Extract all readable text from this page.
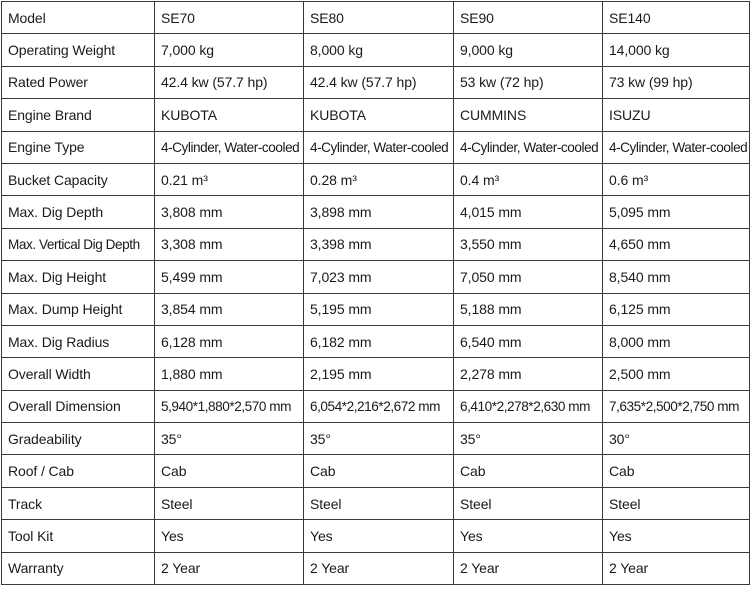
Model	SE70	SE80	SE90	SE140
Operating Weight	7,000 kg	8,000 kg	9,000 kg	14,000 kg
Rated Power	42.4 kw (57.7 hp)	42.4 kw (57.7 hp)	53 kw (72 hp)	73 kw (99 hp)
Engine Brand	KUBOTA	KUBOTA	CUMMINS	ISUZU
Engine Type	4-Cylinder, Water-cooled	4-Cylinder, Water-cooled	4-Cylinder, Water-cooled	4-Cylinder, Water-cooled
Bucket Capacity	0.21 m³	0.28 m³	0.4 m³	0.6 m³
Max. Dig Depth	3,808 mm	3,898 mm	4,015 mm	5,095 mm
Max. Vertical Dig Depth	3,308 mm	3,398 mm	3,550 mm	4,650 mm
Max. Dig Height	5,499 mm	7,023 mm	7,050 mm	8,540 mm
Max. Dump Height	3,854 mm	5,195 mm	5,188 mm	6,125 mm
Max. Dig Radius	6,128 mm	6,182 mm	6,540 mm	8,000 mm
Overall Width	1,880 mm	2,195 mm	2,278 mm	2,500 mm
Overall Dimension	5,940*1,880*2,570 mm	6,054*2,216*2,672 mm	6,410*2,278*2,630 mm	7,635*2,500*2,750 mm
Gradeability	35°	35°	35°	30°
Roof / Cab	Cab	Cab	Cab	Cab
Track	Steel	Steel	Steel	Steel
Tool Kit	Yes	Yes	Yes	Yes
Warranty	2 Year	2 Year	2 Year	2 Year
